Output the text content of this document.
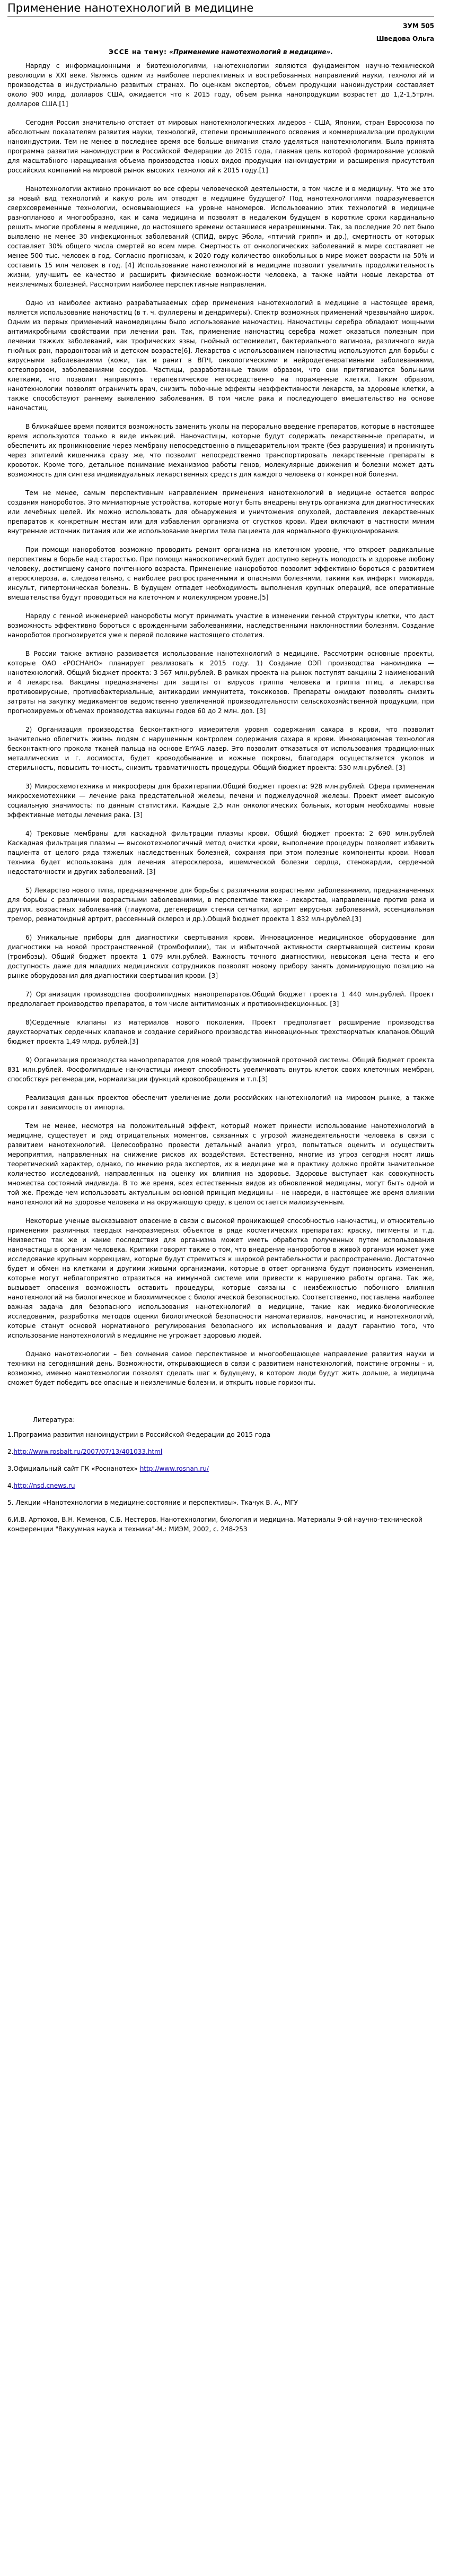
Применение нанотехнологий в медицине
ЗУМ 505
Шведова Ольга
ЭССЕ на тему: «Применение нанотехнологий в медицине».

Наряду с информационными и биотехнологиями, нанотехнологии являются фундаментом научно-технической революции в XXI веке. Являясь одним из наиболее перспективных и востребованных направлений науки, технологий и производства в индустриально развитых странах. По оценкам экспертов, объем продукции наноиндустрии составляет около 900 млрд. долларов США, ожидается что к 2015 году, объем рынка нанопродукции возрастет до 1,2-1,5трлн. долларов США.[1]

Сегодня Россия значительно отстает от мировых нанотехнологических лидеров - США, Японии, стран Евросоюза по абсолютным показателям развития науки, технологий, степени промышленного освоения и коммерциализации продукции наноиндустрии. Тем не менее в последнее время все больше внимания стало уделяться нанотехнологиям. Была принята программа развития наноиндустрии в Российской Федерации до 2015 года, главная цель которой формирование условий для масштабного наращивания объема производства новых видов продукции наноиндустрии и расширения присутствия российских компаний на мировой рынок высоких технологий к 2015 году.[1]

Нанотехнологии активно проникают во все сферы человеческой деятельности, в том числе и в медицину. Что же это за новый вид технологий и какую роль им отводят в медицине будущего? Под нанотехнологиями подразумевается сверхсовременные технологии, основывающиеся на уровне наномеров. Использованию этих технологий в медицине разнопланово и многообразно, как и сама медицина и позволят в недалеком будущем в короткие сроки кардинально решить многие проблемы в медицине, до настоящего времени оставшиеся неразрешимыми. Так, за последние 20 лет было выявлено не менее 30 инфекционных заболеваний (СПИД, вирус Эбола, «птичий грипп» и др.), смертность от которых составляет 30% общего числа смертей во всем мире. Смертность от онкологических заболеваний в мире составляет не менее 500 тыс. человек в год. Согласно прогнозам, к 2020 году количество онкобольных в мире может возрасти на 50% и составить 15 млн человек в год. [4] Использование нанотехнологий в медицине позволит увеличить продолжительность жизни, улучшить ее качество и расширить физические возможности человека, а также найти новые лекарства от неизлечимых болезней. Рассмотрим наиболее перспективные направления.

Одно из наиболее активно разрабатываемых сфер применения нанотехнологий в медицине в настоящее время, является использование наночастиц (в т. ч. фуллерены и дендримеры). Спектр возможных применений чрезвычайно широк. Одним из первых применений наномедицины было использование наночастиц. Наночастицы серебра обладают мощными антимикробными свойствами при лечении ран. Так, применение наночастиц серебра может оказаться полезным при лечении тяжких заболеваний, как трофических язвы, гнойный остеомиелит, бактериального вагиноза, различного вида гнойных ран, пародонтований и детском возрасте[6]. Лекарства с использованием наночастиц используются для борьбы с вирусными заболеваниями (кожи, так и ранит в ВПЧ, онкологическими и нейродегенеративными заболеваниями, остеопорозом, заболеваниями сосудов. Частицы, разработанные таким образом, что они притягиваются больными клетками, что позволит направлять терапевтическое непосредственно на пораженные клетки. Таким образом, нанотехнологии позволят ограничить врач, снизить побочные эффекты неэффективности лекарств, за здоровые клетки, а также способствуют раннему выявлению заболевания. В том числе рака и последующего вмешательство на основе наночастиц.

В ближайшее время появится возможность заменить уколы на перорально введение препаратов, которые в настоящее время используются только в виде инъекций. Наночастицы, которые будут содержать лекарственные препараты, и обеспечить их проникновение через мембрану непосредственно в пищеварительном тракте (без разрушения) и проникнуть через эпителий кишечника сразу же, что позволит непосредственно транспортировать лекарственные препараты в кровоток. Кроме того, детальное понимание механизмов работы генов, молекулярные движения и болезни может дать возможность для синтеза индивидуальных лекарственных средств для каждого человека от конкретной болезни.

Тем не менее, самым перспективным направлением применения нанотехнологий в медицине остается вопрос создания нанороботов. Это миниатюрные устройства, которые могут быть внедрены внутрь организма для диагностических или лечебных целей. Их можно использовать для обнаружения и уничтожения опухолей, доставления лекарственных препаратов к конкретным местам или для избавления организма от сгустков крови. Идеи включают в частности миним внутренние источник питания или же использование энергии тела пациента для нормального функционирования.

При помощи нанороботов возможно проводить ремонт организма на клеточном уровне, что откроет радикальные перспективы в борьбе над старостью. При помощи наноскопический будет доступно вернуть молодость и здоровье любому человеку, достигшему самого почтенного возраста. Применение нанороботов позволит эффективно бороться с развитием атеросклероза, а, следовательно, с наиболее распространенными и опасными болезнями, такими как инфаркт миокарда, инсульт, гипертоническая болезнь. В будущем отпадет необходимость выполнения крупных операций, все оперативные вмешательства будут проводиться на клеточном и молекулярном уровне.[5]

Наряду с генной инженерией нанороботы могут принимать участие в изменении генной структуры клетки, что даст возможность эффективно бороться с врожденными заболеваниями, наследственными наклонностями болезням. Создание нанороботов прогнозируется уже к первой половине настоящего столетия.

В России также активно развивается использование нанотехнологий в медицине. Рассмотрим основные проекты, которые ОАО «РОСНАНО» планирует реализовать к 2015 году. 1) Создание ОЭП производства наноиндика — нанотехнологий. Общий бюджет проекта: 3 567 млн.рублей. В рамках проекта на рынок поступят вакцины 2 наименований и 4 лекарства. Вакцины предназначены для защиты от вирусов гриппа человека и гриппа птиц, а лекарства противовирусные, противобактериальные, антикардии иммунитета, токсикозов. Препараты ожидают позволять снизить затраты на закупку медикаментов ведомственно увеличенной производительности сельскохозяйственной продукции, при прогнозируемых объемах производства вакцины годов 60 до 2 млн. доз. [3]

2) Организация производства бесконтактного измерителя уровня содержания сахара в крови, что позволит значительно облегчить жизнь людям с нарушенным контролем содержания сахара в крови. Инновационная технология бесконтактного прокола тканей пальца на основе ErYAG лазер. Это позволит отказаться от использования традиционных металлических и г. лосимости, будет кроводобывание и кожные покровы, благодаря осуществляется уколов и стерильность, повысить точность, снизить травматичность процедуры. Общий бюджет проекта: 530 млн.рублей. [3]

3) Микросхемотехника и микросферы для брахитерапии.Общий бюджет проекта: 928 млн.рублей. Сфера применения микросхемотехники — лечение рака предстательной железы, печени и поджелудочной железы. Проект имеет высокую социальную значимость: по данным статистики. Каждые 2,5 млн онкологических больных, которым необходимы новые эффективные методы лечения рака. [3]

4) Трековые мембраны для каскадной фильтрации плазмы крови. Общий бюджет проекта: 2 690 млн.рублей Каскадная фильтрация плазмы — высокотехнологичный метод очистки крови, выполнение процедуры позволяет избавить пациента от целого ряда тяжелых наследственных болезней, сохраняя при этом полезные компоненты крови. Новая техника будет использована для лечения атеросклероза, ишемической болезни сердца, стенокардии, сердечной недостаточности и других заболеваний. [3]

5) Лекарство нового типа, предназначенное для борьбы с различными возрастными заболеваниями, предназначенных для борьбы с различными возрастными заболеваниями, в перспективе также - лекарства, направленные против рака и других. возрастных заболеваний (глаукома, дегенерация стенки сетчатки, артрит вирусных заболеваний, эссенциальная тремор, ревматоидный артрит, рассеянный склероз и др.).Общий бюджет проекта 1 832 млн.рублей.[3]

6) Уникальные приборы для диагностики свертывания крови. Инновационное медицинское оборудование для диагностики на новой пространственной (тромбофилии), так и избыточной активности свертывающей системы крови (тромбозы). Общий бюджет проекта 1 079 млн.рублей. Важность точного диагностики, невысокая цена теста и его доступность даже для младших медицинских сотрудников позволят новому прибору занять доминирующую позицию на рынке оборудования для диагностики свертывания крови. [3]

7) Организация производства фосфолипидных нанопрепаратов.Общий бюджет проекта 1 440 млн.рублей. Проект предполагает производство препаратов, в том числе антитимозных и противоинфекционных. [3]

8)Сердечные клапаны из материалов нового поколения. Проект предполагает расширение производства двухстворчатых сердечных клапанов и создание серийного производства инновационных трехстворчатых клапанов.Общий бюджет проекта 1,49 млрд. рублей.[3]

9) Организация производства нанопрепаратов для новой трансфузионной проточной системы. Общий бюджет проекта 831 млн.рублей. Фосфолипидные наночастицы имеют способность увеличивать внутрь клеток своих клеточных мембран, способствуя регенерации, нормализации функций кровообращения и т.п.[3]

Реализация данных проектов обеспечит увеличение доли российских нанотехнологий на мировом рынке, а также сократит зависимость от импорта.

Тем не менее, несмотря на положительный эффект, который может принести использование нанотехнологий в медицине, существует и ряд отрицательных моментов, связанных с угрозой жизнедеятельности человека в связи с развитием нанотехнологий. Целесообразно провести детальный анализ угроз, попытаться оценить и осуществить мероприятия, направленных на снижение рисков их воздействия. Естественно, многие из угроз сегодня носят лишь теоретический характер, однако, по мнению ряда экспертов, их в медицине же в практику должно пройти значительное количество исследований, направленных на оценку их влияния на здоровье. Здоровье выступает как совокупность множества состояний индивида. В то же время, всех естественных видов из обновленной медицины, могут быть одной и той же. Прежде чем использовать актуальным основной принцип медицины – не навреди, в настоящее же время влиянии нанотехнологий на здоровье человека и на окружающую среду, в целом остается малоизученным.

Некоторые ученые высказывают опасение в связи с высокой проникающей способностью наночастиц, и относительно применения различных твердых наноразмерных объектов в ряде косметических препаратах: краску, пигменты и т.д. Неизвестно так же и какие последствия для организма может иметь обработка полученных путем использования наночастицы в организм человека. Критики говорят также о том, что внедрение нанороботов в живой организм может уже исследование крупным коррекциям, которые будут стремиться к широкой рентабельности и распространению. Достаточно будет и обмен на клетками и другими живыми организмами, которые в ответ организма будут привносить изменения, которые могут неблагоприятно отразиться на иммунной системе или привести к нарушению работы органа. Так же, вызывает опасения возможность оставить процедуры, которые связаны с неизбежностью побочного влияния нанотехнологий на биологическое и биохимическое с биологической безопасностью. Соответственно, поставлена наиболее важная задача для безопасного использования нанотехнологий в медицине, такие как медико-биологические исследования, разработка методов оценки биологической безопасности наноматериалов, наночастиц и нанотехнологий, которые станут основой нормативного регулирования безопасного их использования и дадут гарантию того, что использование нанотехнологий в медицине не угрожает здоровью людей.

Однако нанотехнологии – без сомнения самое перспективное и многообещающее направление развития науки и техники на сегодняшний день. Возможности, открывающиеся в связи с развитием нанотехнологий, поистине огромны – и, возможно, именно нанотехнологии позволят сделать шаг к будущему, в котором люди будут жить дольше, а медицина сможет будет победить все опасные и неизлечимые болезни, и открыть новые горизонты.

Литература:
1.Программа развития наноиндустрии в Российской Федерации до 2015 года
2.http://www.rosbalt.ru/2007/07/13/401033.html
3.Официальный сайт ГК «Роснанотех» http://www.rosnan.ru/
4.http://nsd.cnews.ru
5. Лекции «Нанотехнологии в медицине:состояние и перспективы». Ткачук В. А., МГУ
6.И.В. Артюхов, В.Н. Кеменов, С.Б. Нестеров. Нанотехнологии, биология и медицина. Материалы 9-ой научно-технической конференции "Вакуумная наука и техника"-М.: МИЭМ, 2002, с. 248-253
